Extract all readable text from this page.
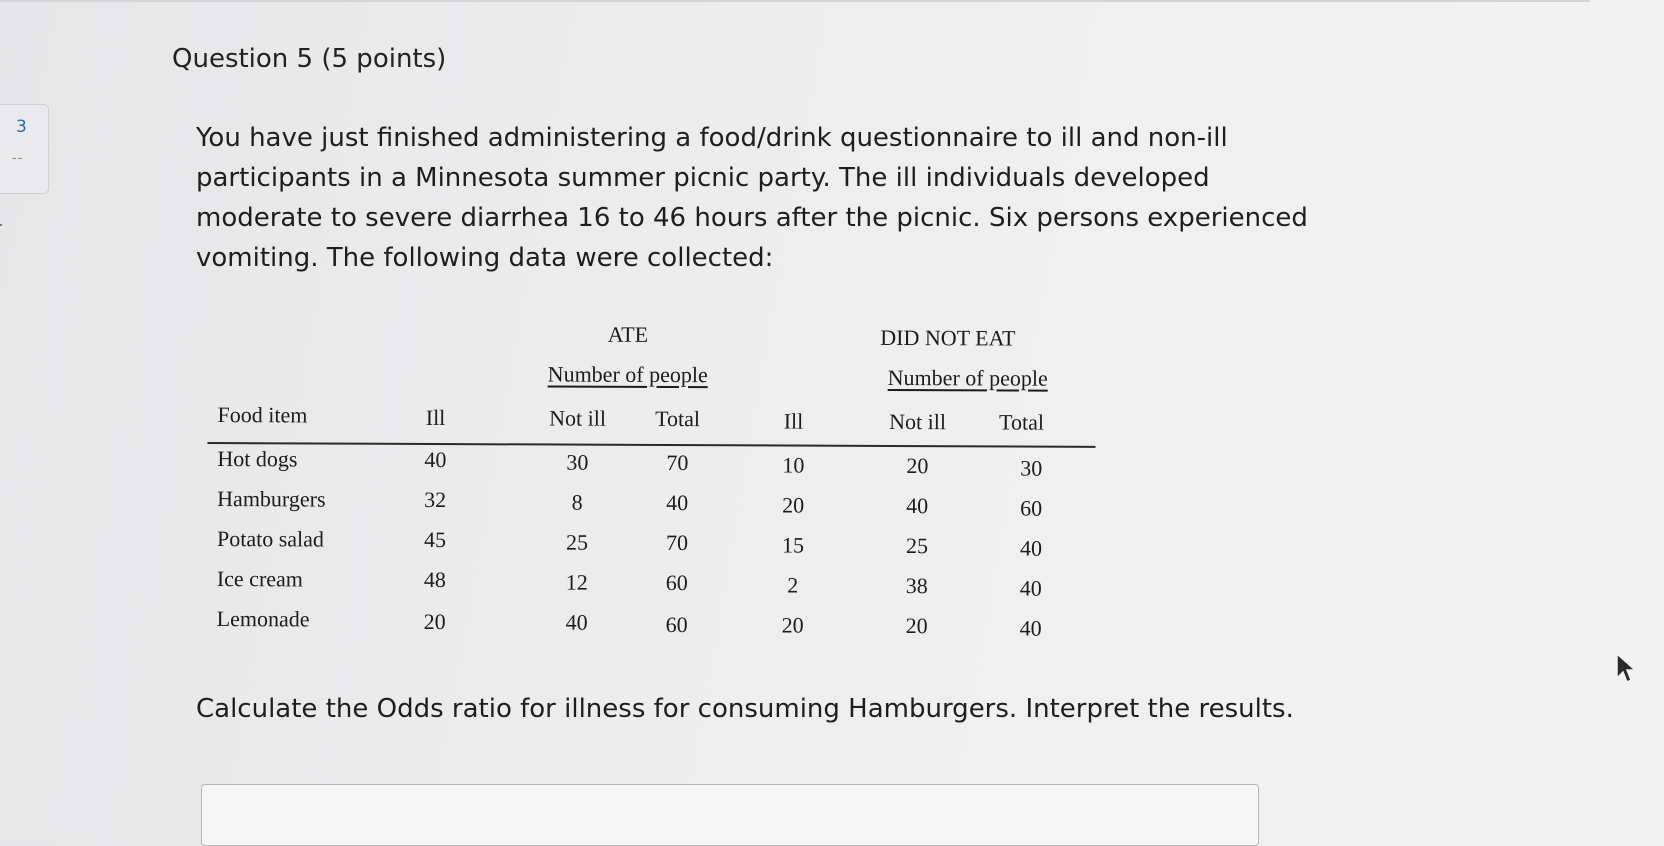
3
--
Question 5 (5 points)
You have just finished administering a food/drink questionnaire to ill and non-ill
participants in a Minnesota summer picnic party. The ill individuals developed
moderate to severe diarrhea 16 to 46 hours after the picnic. Six persons experienced
vomiting. The following data were collected:
ATE	DID NOT EAT
Number of people	Number of people
Food item	Ill	Not ill	Total	Ill	Not ill	Total
Hot dogs	40	30	70	10	20	30
Hamburgers	32	8	40	20	40	60
Potato salad	45	25	70	15	25	40
Ice cream	48	12	60	2	38	40
Lemonade	20	40	60	20	20	40
Calculate the Odds ratio for illness for consuming Hamburgers. Interpret the results.
